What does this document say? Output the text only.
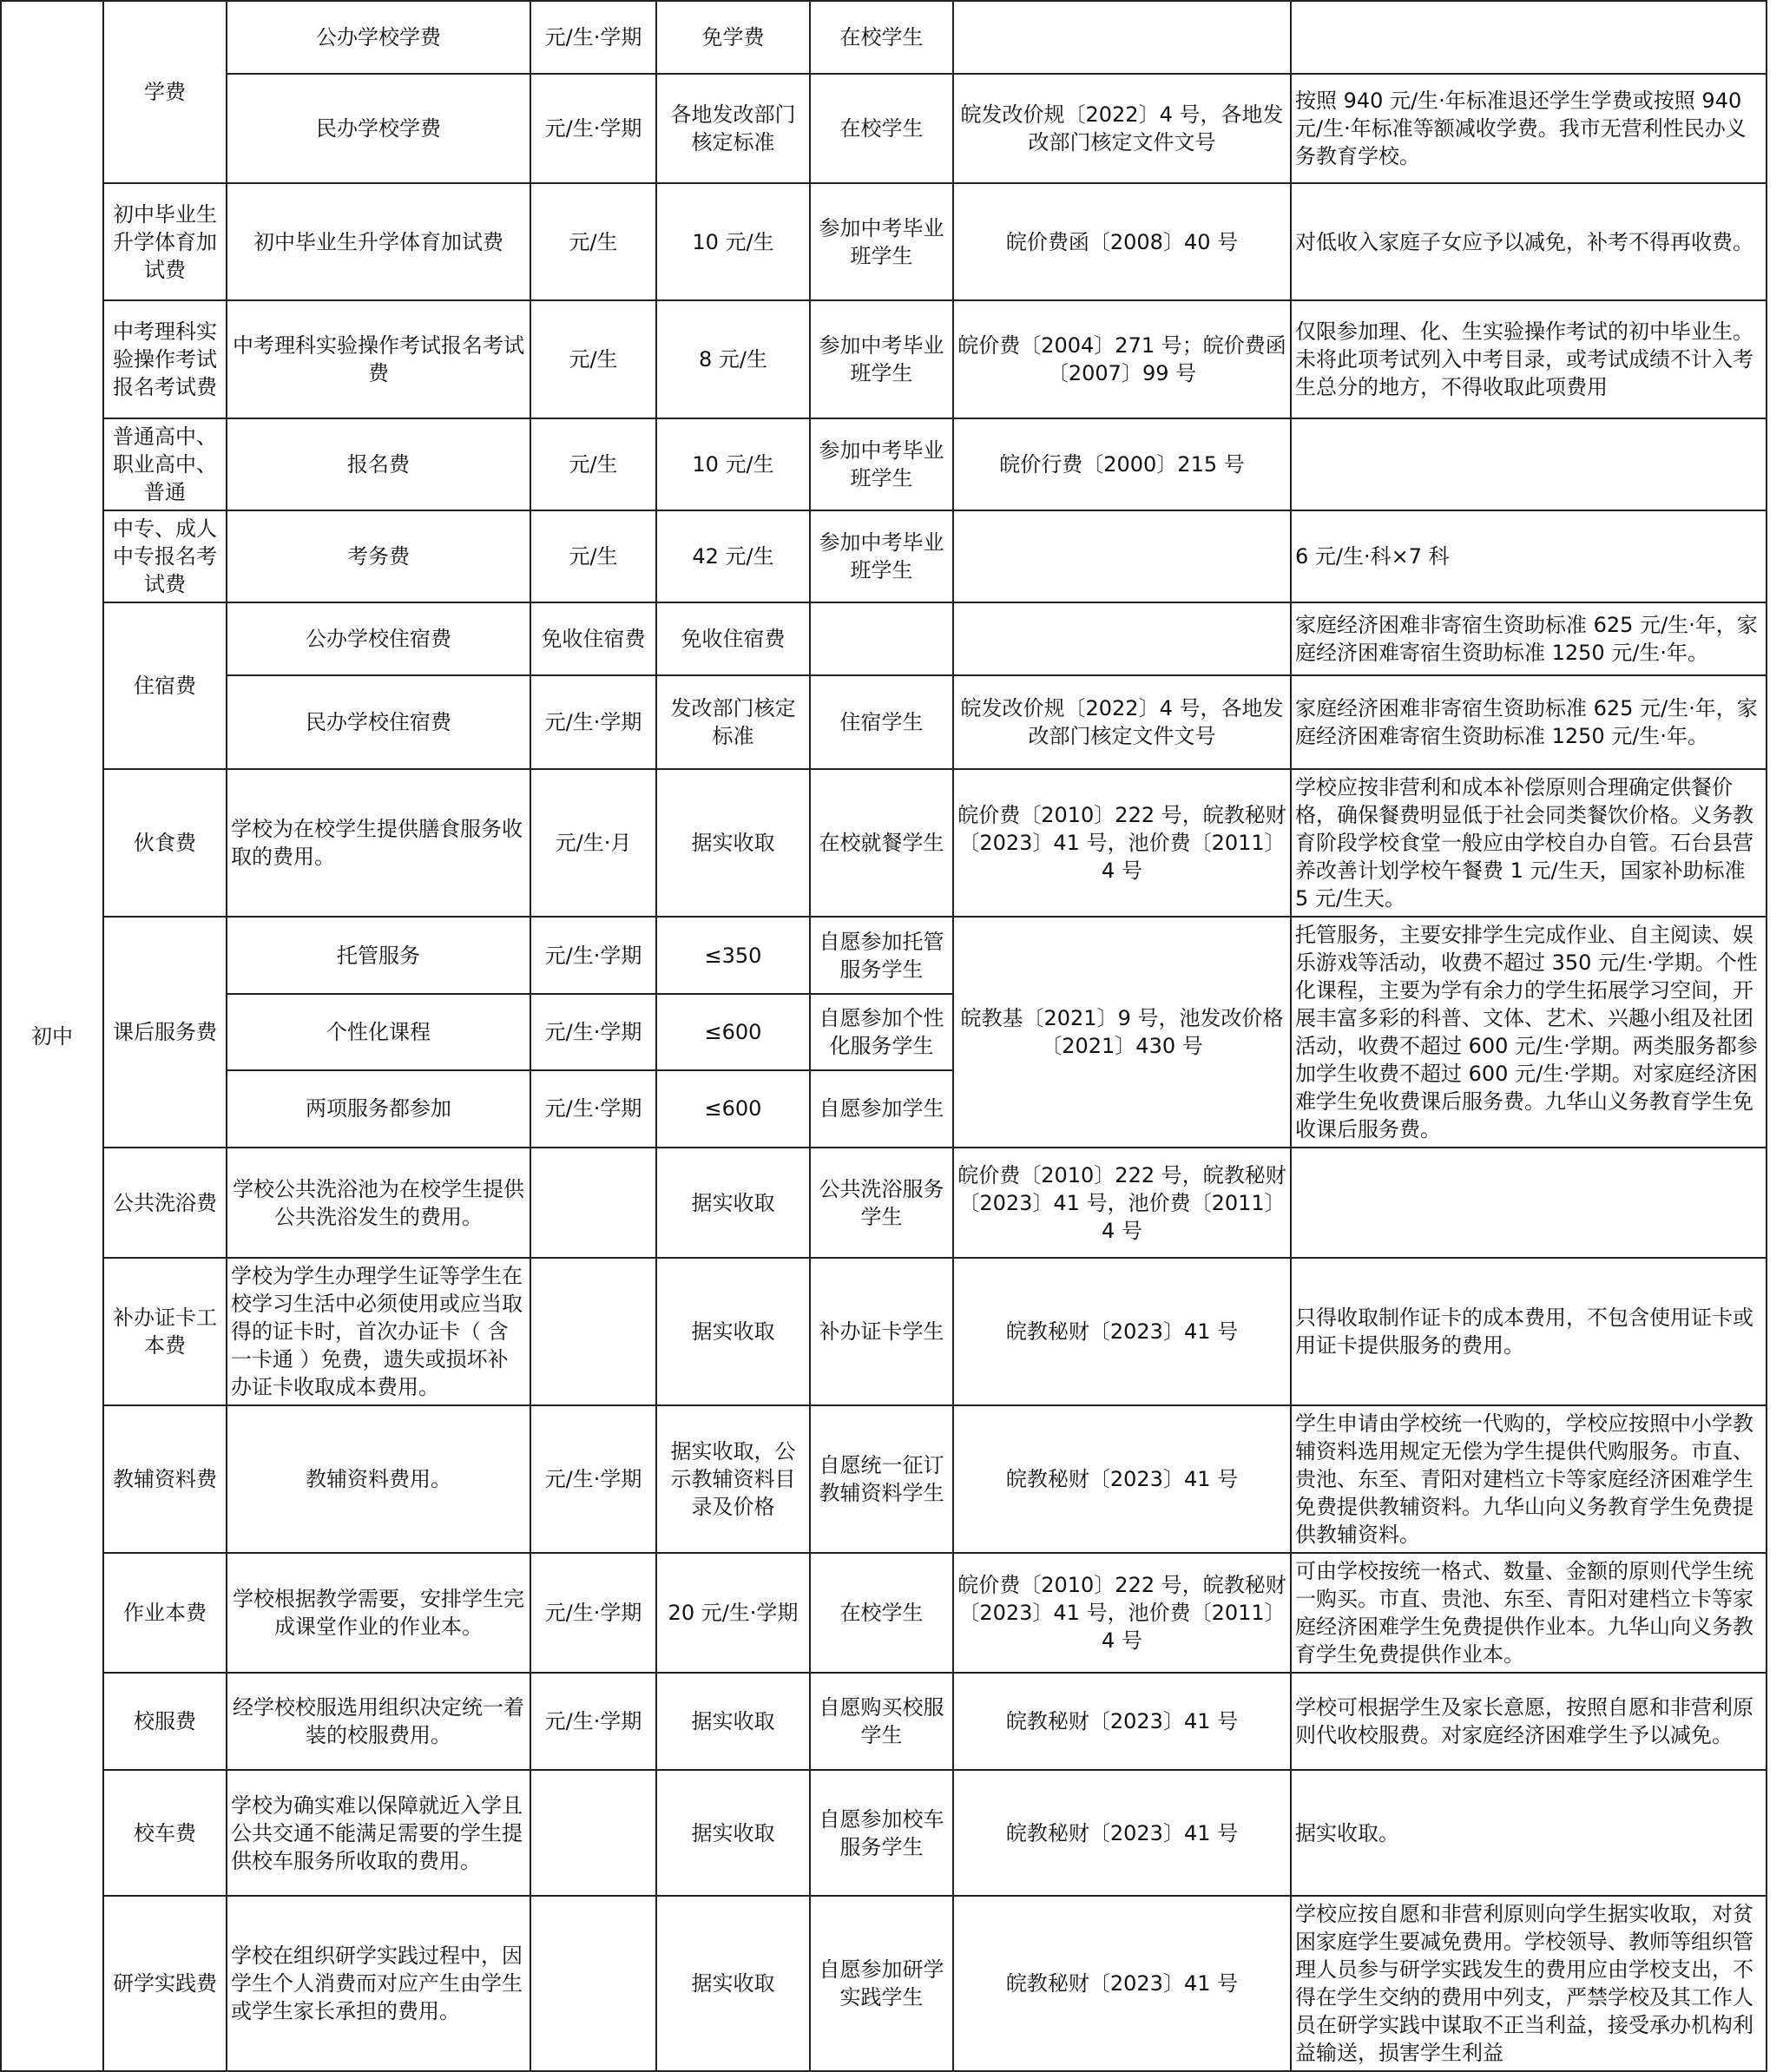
初中	学费	公办学校学费	元/生·学期	免学费	在校学生		
		民办学校学费	元/生·学期	各地发改部门核定标准	在校学生	皖发改价规〔2022〕4 号，各地发改部门核定文件文号	按照 940 元/生·年标准退还学生学费或按照 940 元/生·年标准等额减收学费。我市无营利性民办义务教育学校。
	初中毕业生升学体育加试费	初中毕业生升学体育加试费	元/生	10 元/生	参加中考毕业班学生	皖价费函〔2008〕40 号	对低收入家庭子女应予以减免，补考不得再收费。
	中考理科实验操作考试报名考试费	中考理科实验操作考试报名考试费	元/生	8 元/生	参加中考毕业班学生	皖价费〔2004〕271 号；皖价费函〔2007〕99 号	仅限参加理、化、生实验操作考试的初中毕业生。未将此项考试列入中考目录，或考试成绩不计入考生总分的地方，不得收取此项费用
	普通高中、职业高中、普通	报名费	元/生	10 元/生	参加中考毕业班学生	皖价行费〔2000〕215 号	
	中专、成人中专报名考试费	考务费	元/生	42 元/生	参加中考毕业班学生		6 元/生·科×7 科
	住宿费	公办学校住宿费	免收住宿费	免收住宿费			家庭经济困难非寄宿生资助标准 625 元/生·年，家庭经济困难寄宿生资助标准 1250 元/生·年。
		民办学校住宿费	元/生·学期	发改部门核定标准	住宿学生	皖发改价规〔2022〕4 号，各地发改部门核定文件文号	家庭经济困难非寄宿生资助标准 625 元/生·年，家庭经济困难寄宿生资助标准 1250 元/生·年。
	伙食费	学校为在校学生提供膳食服务收取的费用。	元/生·月	据实收取	在校就餐学生	皖价费〔2010〕222 号，皖教秘财〔2023〕41 号，池价费〔2011〕4 号	学校应按非营利和成本补偿原则合理确定供餐价格，确保餐费明显低于社会同类餐饮价格。义务教育阶段学校食堂一般应由学校自办自管。石台县营养改善计划学校午餐费 1 元/生天，国家补助标准 5 元/生天。
	课后服务费	托管服务	元/生·学期	≤350	自愿参加托管服务学生	皖教基〔2021〕9 号，池发改价格〔2021〕430 号	托管服务，主要安排学生完成作业、自主阅读、娱乐游戏等活动，收费不超过 350 元/生·学期。个性化课程，主要为学有余力的学生拓展学习空间，开展丰富多彩的科普、文体、艺术、兴趣小组及社团活动，收费不超过 600 元/生·学期。两类服务都参加学生收费不超过 600 元/生·学期。对家庭经济困难学生免收费课后服务费。九华山义务教育学生免收课后服务费。
		个性化课程	元/生·学期	≤600	自愿参加个性化服务学生		
		两项服务都参加	元/生·学期	≤600	自愿参加学生		
	公共洗浴费	学校公共洗浴池为在校学生提供公共洗浴发生的费用。		据实收取	公共洗浴服务学生	皖价费〔2010〕222 号，皖教秘财〔2023〕41 号，池价费〔2011〕4 号	
	补办证卡工本费	学校为学生办理学生证等学生在校学习生活中必须使用或应当取得的证卡时，首次办证卡（ 含一卡通 ）免费，遗失或损坏补办证卡收取成本费用。		据实收取	补办证卡学生	皖教秘财〔2023〕41 号	只得收取制作证卡的成本费用，不包含使用证卡或用证卡提供服务的费用。
	教辅资料费	教辅资料费用。	元/生·学期	据实收取，公示教辅资料目录及价格	自愿统一征订教辅资料学生	皖教秘财〔2023〕41 号	学生申请由学校统一代购的，学校应按照中小学教辅资料选用规定无偿为学生提供代购服务。市直、贵池、东至、青阳对建档立卡等家庭经济困难学生免费提供教辅资料。九华山向义务教育学生免费提供教辅资料。
	作业本费	学校根据教学需要，安排学生完成课堂作业的作业本。	元/生·学期	20 元/生·学期	在校学生	皖价费〔2010〕222 号，皖教秘财〔2023〕41 号，池价费〔2011〕4 号	可由学校按统一格式、数量、金额的原则代学生统一购买。市直、贵池、东至、青阳对建档立卡等家庭经济困难学生免费提供作业本。九华山向义务教育学生免费提供作业本。
	校服费	经学校校服选用组织决定统一着装的校服费用。	元/生·学期	据实收取	自愿购买校服学生	皖教秘财〔2023〕41 号	学校可根据学生及家长意愿，按照自愿和非营利原则代收校服费。对家庭经济困难学生予以减免。
	校车费	学校为确实难以保障就近入学且公共交通不能满足需要的学生提供校车服务所收取的费用。		据实收取	自愿参加校车服务学生	皖教秘财〔2023〕41 号	据实收取。
	研学实践费	学校在组织研学实践过程中，因学生个人消费而对应产生由学生或学生家长承担的费用。		据实收取	自愿参加研学实践学生	皖教秘财〔2023〕41 号	学校应按自愿和非营利原则向学生据实收取，对贫困家庭学生要减免费用。学校领导、教师等组织管理人员参与研学实践发生的费用应由学校支出，不得在学生交纳的费用中列支，严禁学校及其工作人员在研学实践中谋取不正当利益，接受承办机构利益输送，损害学生利益
